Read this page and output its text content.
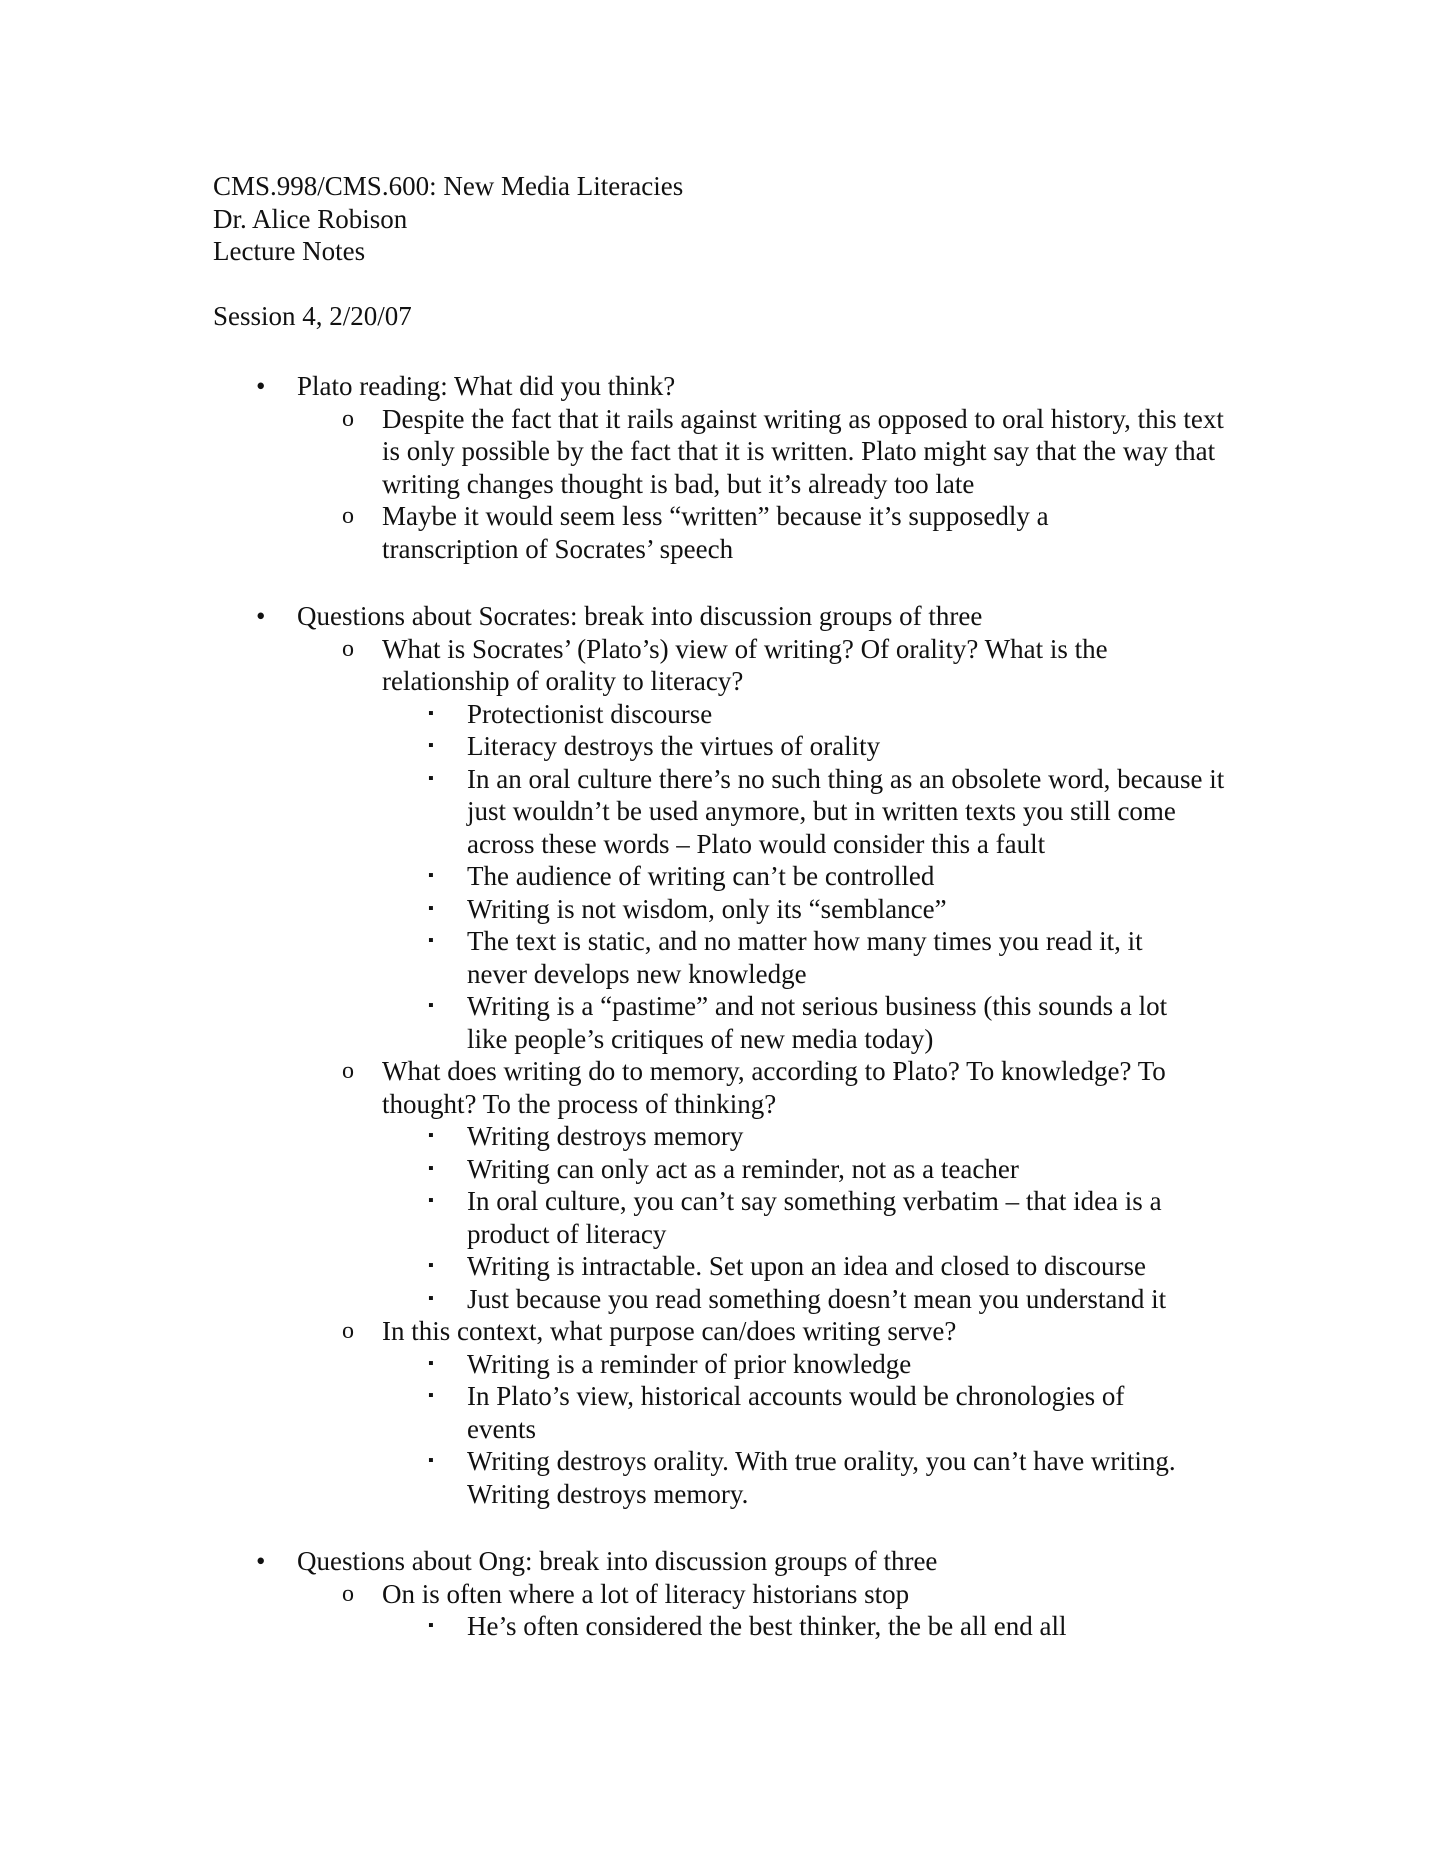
CMS.998/CMS.600: New Media Literacies
Dr. Alice Robison
Lecture Notes
Session 4, 2/20/07
• Plato reading: What did you think?
o Despite the fact that it rails against writing as opposed to oral history, this text is only possible by the fact that it is written. Plato might say that the way that writing changes thought is bad, but it’s already too late
o Maybe it would seem less “written” because it’s supposedly a transcription of Socrates’ speech
• Questions about Socrates: break into discussion groups of three
o What is Socrates’ (Plato’s) view of writing? Of orality? What is the relationship of orality to literacy?
▪ Protectionist discourse
▪ Literacy destroys the virtues of orality
▪ In an oral culture there’s no such thing as an obsolete word, because it just wouldn’t be used anymore, but in written texts you still come across these words – Plato would consider this a fault
▪ The audience of writing can’t be controlled
▪ Writing is not wisdom, only its “semblance”
▪ The text is static, and no matter how many times you read it, it never develops new knowledge
▪ Writing is a “pastime” and not serious business (this sounds a lot like people’s critiques of new media today)
o What does writing do to memory, according to Plato? To knowledge? To thought? To the process of thinking?
▪ Writing destroys memory
▪ Writing can only act as a reminder, not as a teacher
▪ In oral culture, you can’t say something verbatim – that idea is a product of literacy
▪ Writing is intractable. Set upon an idea and closed to discourse
▪ Just because you read something doesn’t mean you understand it
o In this context, what purpose can/does writing serve?
▪ Writing is a reminder of prior knowledge
▪ In Plato’s view, historical accounts would be chronologies of events
▪ Writing destroys orality. With true orality, you can’t have writing. Writing destroys memory.
• Questions about Ong: break into discussion groups of three
o On is often where a lot of literacy historians stop
▪ He’s often considered the best thinker, the be all end all
